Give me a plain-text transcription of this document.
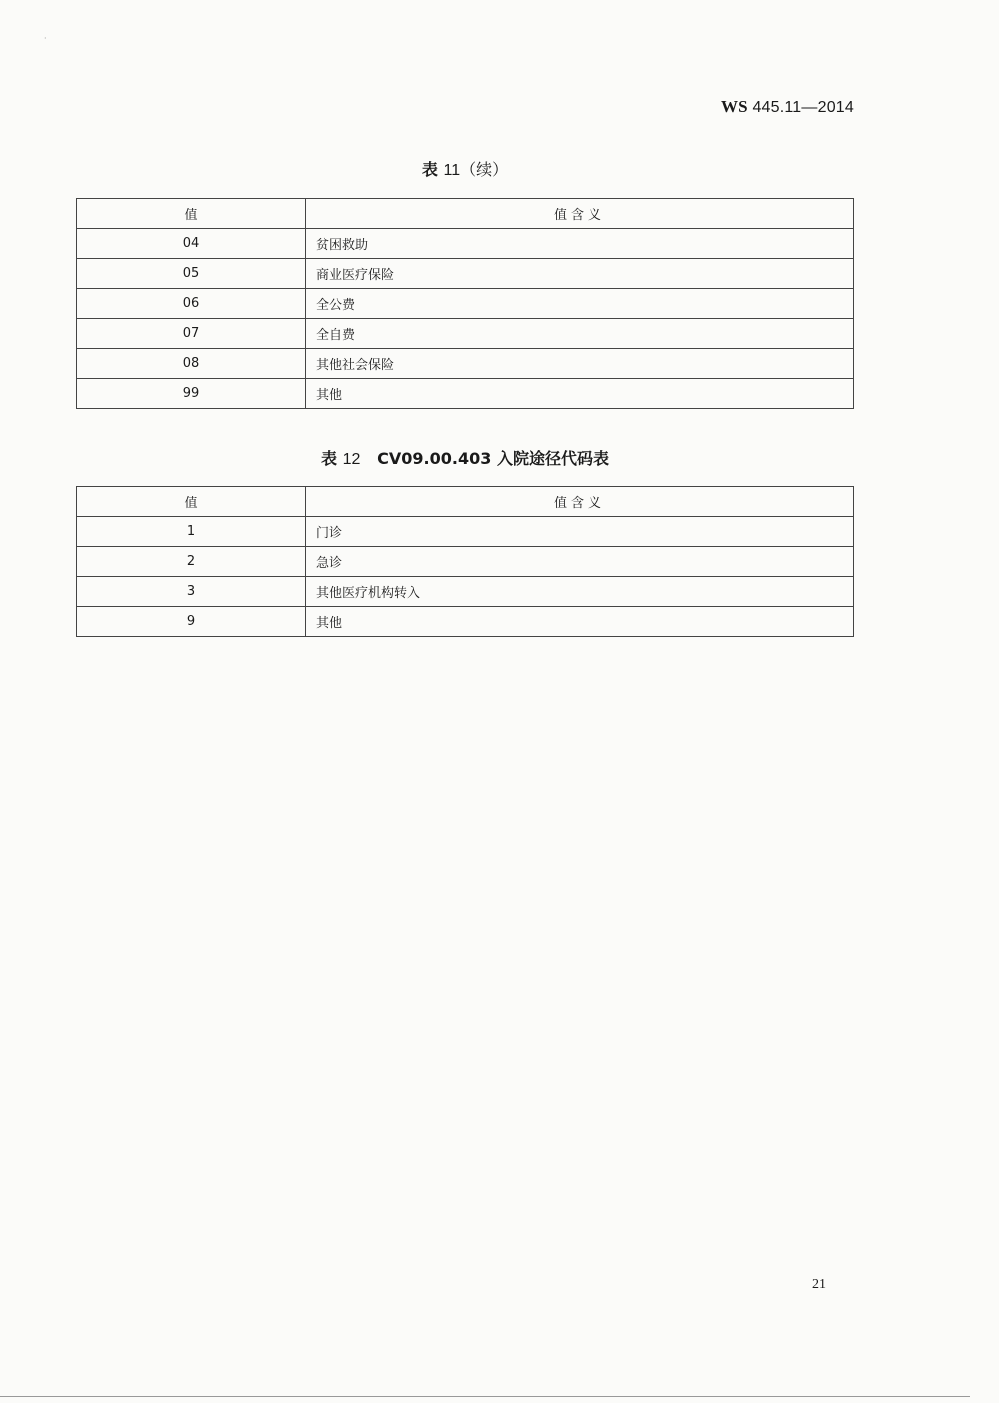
·
WS 445.11—2014
表 11（续）
值	值含义
04	贫困救助
05	商业医疗保险
06	全公费
07	全自费
08	其他社会保险
99	其他
表 12 CV09.00.403 入院途径代码表
值	值含义
1	门诊
2	急诊
3	其他医疗机构转入
9	其他
21
